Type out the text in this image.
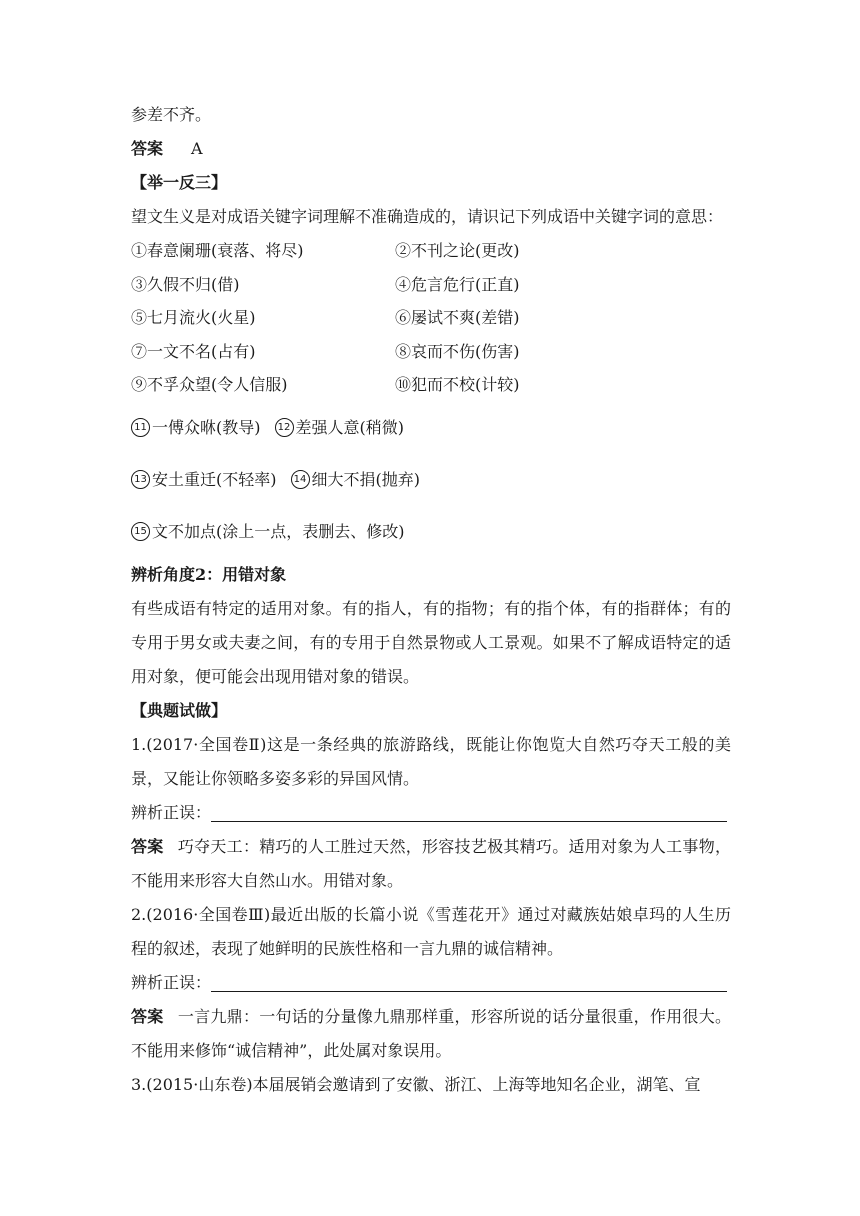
参差不齐。

答案 A

【举一反三】

望文生义是对成语关键字词理解不准确造成的，请识记下列成语中关键字词的意思：

①春意阑珊(衰落、将尽)	②不刊之论(更改)

③久假不归(借)	④危言危行(正直)

⑤七月流火(火星)	⑥屡试不爽(差错)

⑦一文不名(占有)	⑧哀而不伤(伤害)

⑨不孚众望(令人信服)	⑩犯而不校(计较)

11 一傅众咻(教导)	12 差强人意(稍微)
13 安土重迁(不轻率)	14 细大不捐(抛弃)
15 文不加点(涂上一点，表删去、修改)

辨析角度2：用错对象

有些成语有特定的适用对象。有的指人，有的指物；有的指个体，有的指群体；有的专用于男女或夫妻之间，有的专用于自然景物或人工景观。如果不了解成语特定的适用对象，便可能会出现用错对象的错误。

【典题试做】

1.(2017·全国卷Ⅱ)这是一条经典的旅游路线，既能让你饱览大自然巧夺天工般的美景，又能让你领略多姿多彩的异国风情。

辨析正误：

答案 巧夺天工：精巧的人工胜过天然，形容技艺极其精巧。适用对象为人工事物，不能用来形容大自然山水。用错对象。

2.(2016·全国卷Ⅲ)最近出版的长篇小说《雪莲花开》通过对藏族姑娘卓玛的人生历程的叙述，表现了她鲜明的民族性格和一言九鼎的诚信精神。

辨析正误：

答案 一言九鼎：一句话的分量像九鼎那样重，形容所说的话分量很重，作用很大。不能用来修饰“诚信精神”，此处属对象误用。

3.(2015·山东卷)本届展销会邀请到了安徽、浙江、上海等地知名企业，湖笔、宣
